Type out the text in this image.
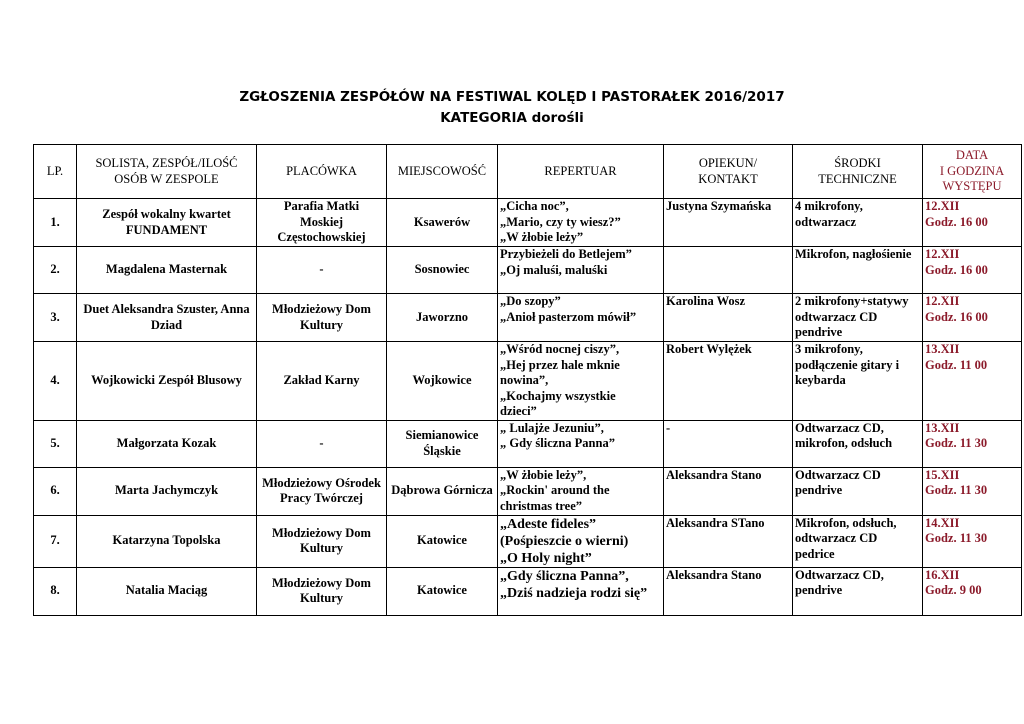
ZGŁOSZENIA ZESPÓŁÓW NA FESTIWAL KOLĘD I PASTORAŁEK 2016/2017
KATEGORIA dorośli
LP.	SOLISTA, ZESPÓŁ/ILOŚĆ
OSÓB W ZESPOLE	PLACÓWKA	MIEJSCOWOŚĆ	REPERTUAR	OPIEKUN/
KONTAKT	ŚRODKI
TECHNICZNE	DATA
I GODZINA
WYSTĘPU

1.	Zespół wokalny kwartet
FUNDAMENT	Parafia Matki
Moskiej
Częstochowskiej	Ksawerów	„Cicha noc”,
„Mario, czy ty wiesz?”
„W żłobie leży”	Justyna Szymańska	4 mikrofony,
odtwarzacz	12.XII
Godz. 16 00

2.	Magdalena Masternak	-	Sosnowiec	Przybieżeli do Betlejem”
„Oj maluśi, maluśki		Mikrofon, nagłośienie	12.XII
Godz. 16 00

3.	Duet Aleksandra Szuster, Anna
Dziad	Młodzieżowy Dom
Kultury	Jaworzno	„Do szopy”
„Anioł pasterzom mówił”	Karolina Wosz	2 mikrofony+statywy
odtwarzacz CD
pendrive	12.XII
Godz. 16 00

4.	Wojkowicki Zespół Blusowy	Zakład Karny	Wojkowice	„Wśród nocnej ciszy”,
„Hej przez hale mknie
nowina”,
„Kochajmy wszystkie
dzieci”	Robert Wylężek	3 mikrofony,
podłączenie gitary i
keybarda	13.XII
Godz. 11 00

5.	Małgorzata Kozak	-	Siemianowice
Śląskie	„ Lulajże Jezuniu”,
„ Gdy śliczna Panna”	-	Odtwarzacz CD,
mikrofon, odsłuch	13.XII
Godz. 11 30

6.	Marta Jachymczyk	Młodzieżowy Ośrodek
Pracy Twórczej	Dąbrowa Górnicza	„W żłobie leży”,
„Rockin' around the
christmas tree”	Aleksandra Stano	Odtwarzacz CD
pendrive	15.XII
Godz. 11 30

7.	Katarzyna Topolska	Młodzieżowy Dom
Kultury	Katowice	„Adeste fideles”
(Pośpieszcie o wierni)
„O Holy night”	Aleksandra STano	Mikrofon, odsłuch,
odtwarzacz CD
pedrice	14.XII
Godz. 11 30

8.	Natalia Maciąg	Młodzieżowy Dom
Kultury	Katowice	„Gdy śliczna Panna”,
„Dziś nadzieja rodzi się”	Aleksandra Stano	Odtwarzacz CD,
pendrive	16.XII
Godz. 9 00
